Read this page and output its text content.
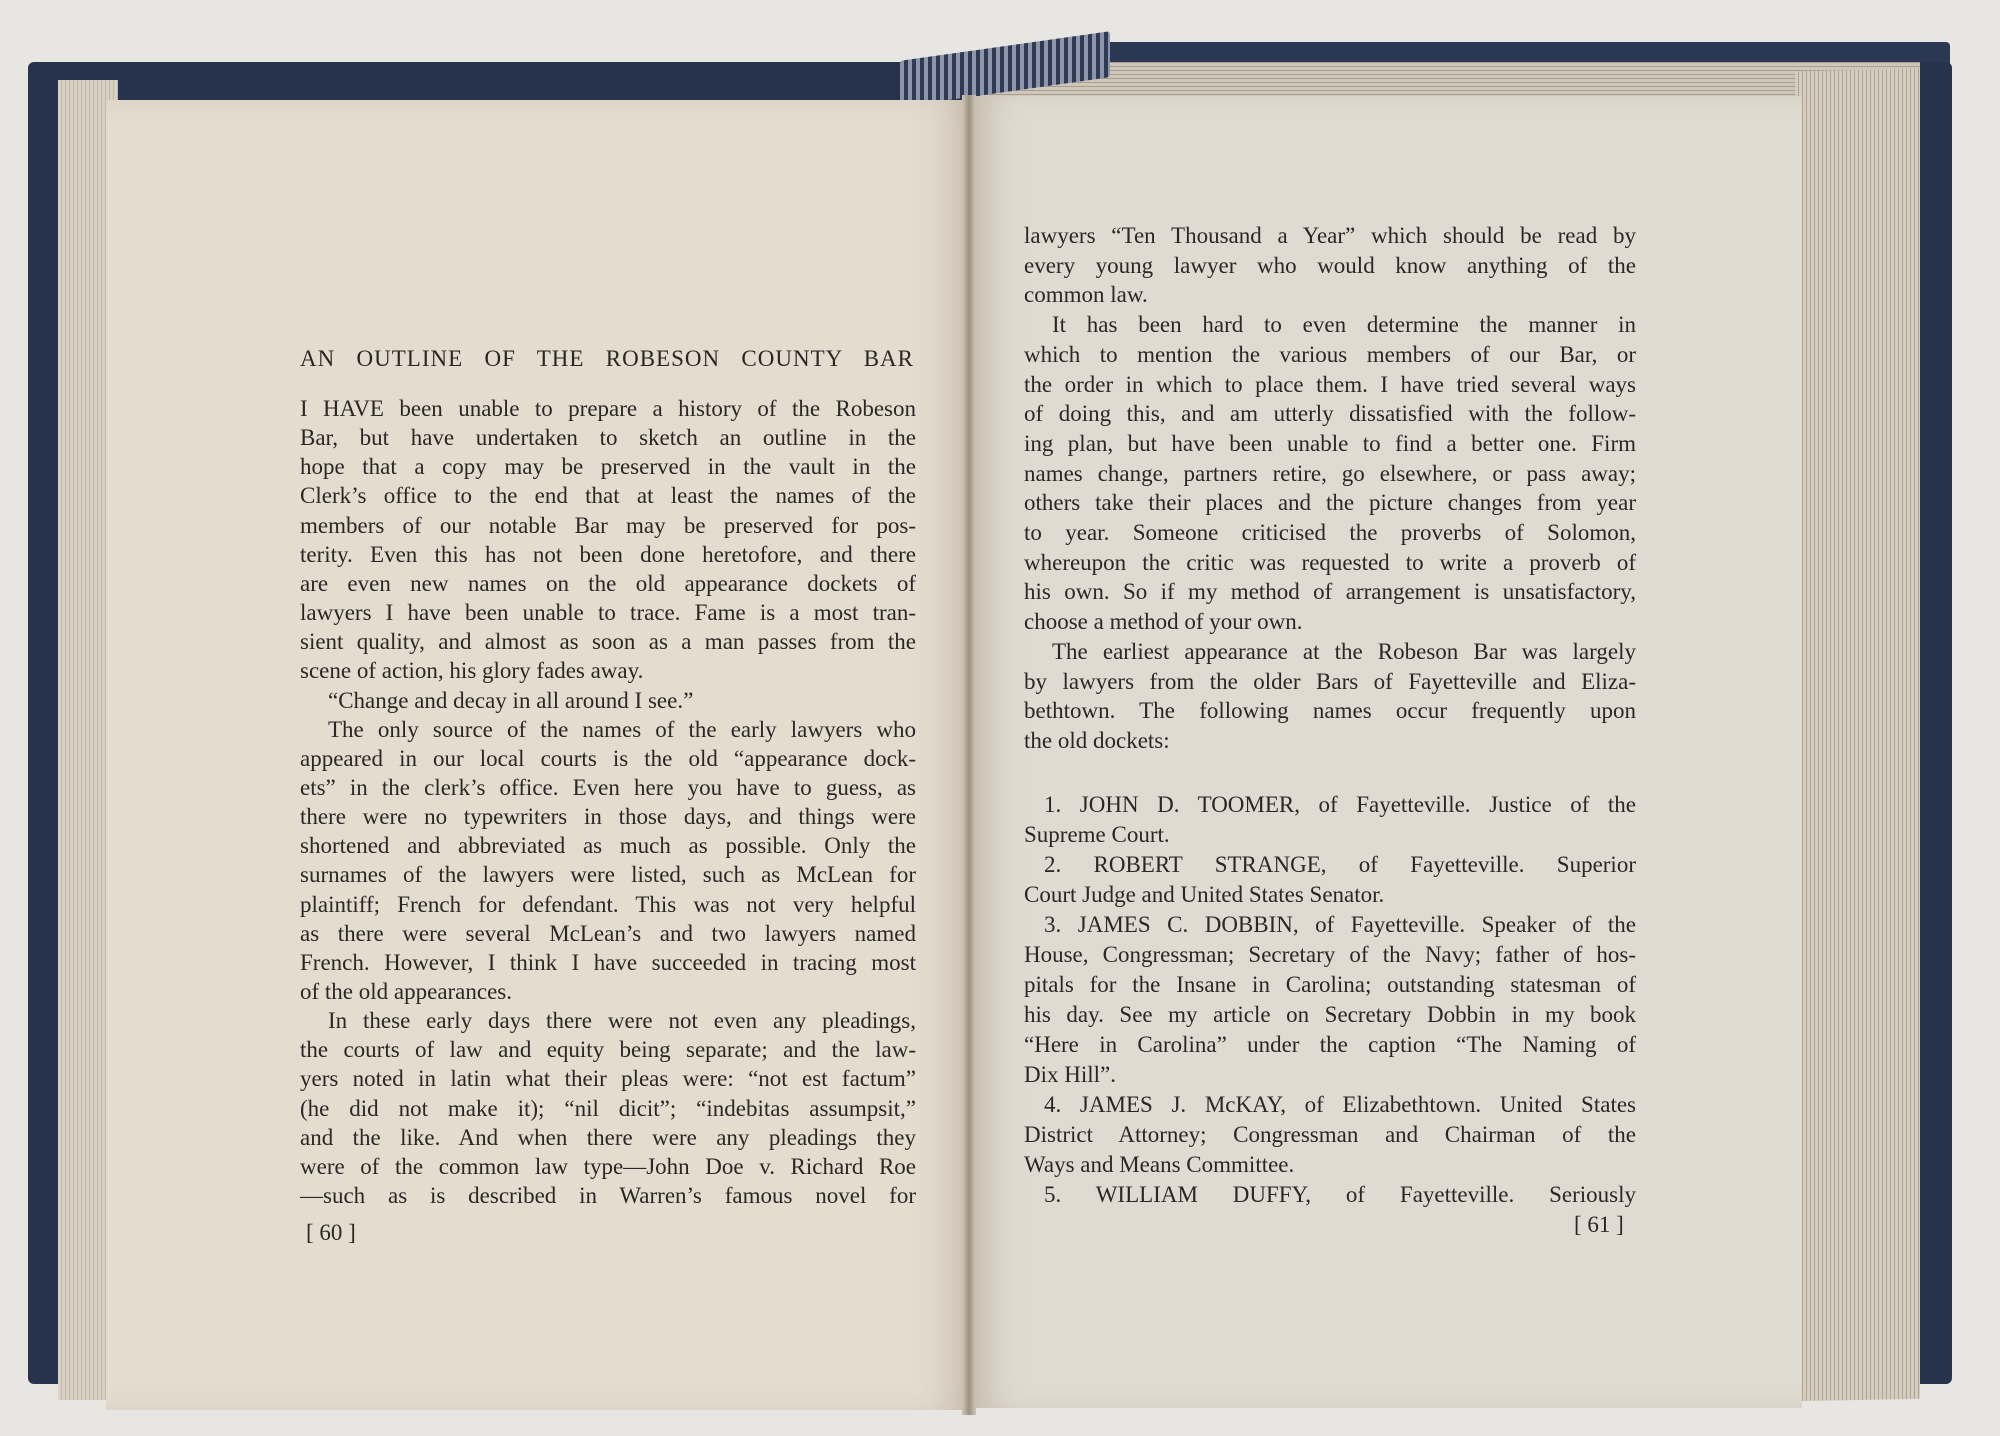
AN OUTLINE OF THE ROBESON COUNTY BAR
I HAVE been unable to prepare a history of the Robeson
Bar, but have undertaken to sketch an outline in the
hope that a copy may be preserved in the vault in the
Clerk’s office to the end that at least the names of the
members of our notable Bar may be preserved for pos-
terity. Even this has not been done heretofore, and there
are even new names on the old appearance dockets of
lawyers I have been unable to trace. Fame is a most tran-
sient quality, and almost as soon as a man passes from the
scene of action, his glory fades away.
“Change and decay in all around I see.”
The only source of the names of the early lawyers who
appeared in our local courts is the old “appearance dock-
ets” in the clerk’s office. Even here you have to guess, as
there were no typewriters in those days, and things were
shortened and abbreviated as much as possible. Only the
surnames of the lawyers were listed, such as McLean for
plaintiff; French for defendant. This was not very helpful
as there were several McLean’s and two lawyers named
French. However, I think I have succeeded in tracing most
of the old appearances.
In these early days there were not even any pleadings,
the courts of law and equity being separate; and the law-
yers noted in latin what their pleas were: “not est factum”
(he did not make it); “nil dicit”; “indebitas assumpsit,”
and the like. And when there were any pleadings they
were of the common law type—John Doe v. Richard Roe
—such as is described in Warren’s famous novel for
lawyers “Ten Thousand a Year” which should be read by
every young lawyer who would know anything of the
common law.
It has been hard to even determine the manner in
which to mention the various members of our Bar, or
the order in which to place them. I have tried several ways
of doing this, and am utterly dissatisfied with the follow-
ing plan, but have been unable to find a better one. Firm
names change, partners retire, go elsewhere, or pass away;
others take their places and the picture changes from year
to year. Someone criticised the proverbs of Solomon,
whereupon the critic was requested to write a proverb of
his own. So if my method of arrangement is unsatisfactory,
choose a method of your own.
The earliest appearance at the Robeson Bar was largely
by lawyers from the older Bars of Fayetteville and Eliza-
bethtown. The following names occur frequently upon
the old dockets:
1. JOHN D. TOOMER, of Fayetteville. Justice of the
Supreme Court.
2. ROBERT STRANGE, of Fayetteville. Superior
Court Judge and United States Senator.
3. JAMES C. DOBBIN, of Fayetteville. Speaker of the
House, Congressman; Secretary of the Navy; father of hos-
pitals for the Insane in Carolina; outstanding statesman of
his day. See my article on Secretary Dobbin in my book
“Here in Carolina” under the caption “The Naming of
Dix Hill”.
4. JAMES J. McKAY, of Elizabethtown. United States
District Attorney; Congressman and Chairman of the
Ways and Means Committee.
5. WILLIAM DUFFY, of Fayetteville. Seriously
[ 60 ]	[ 61 ]
